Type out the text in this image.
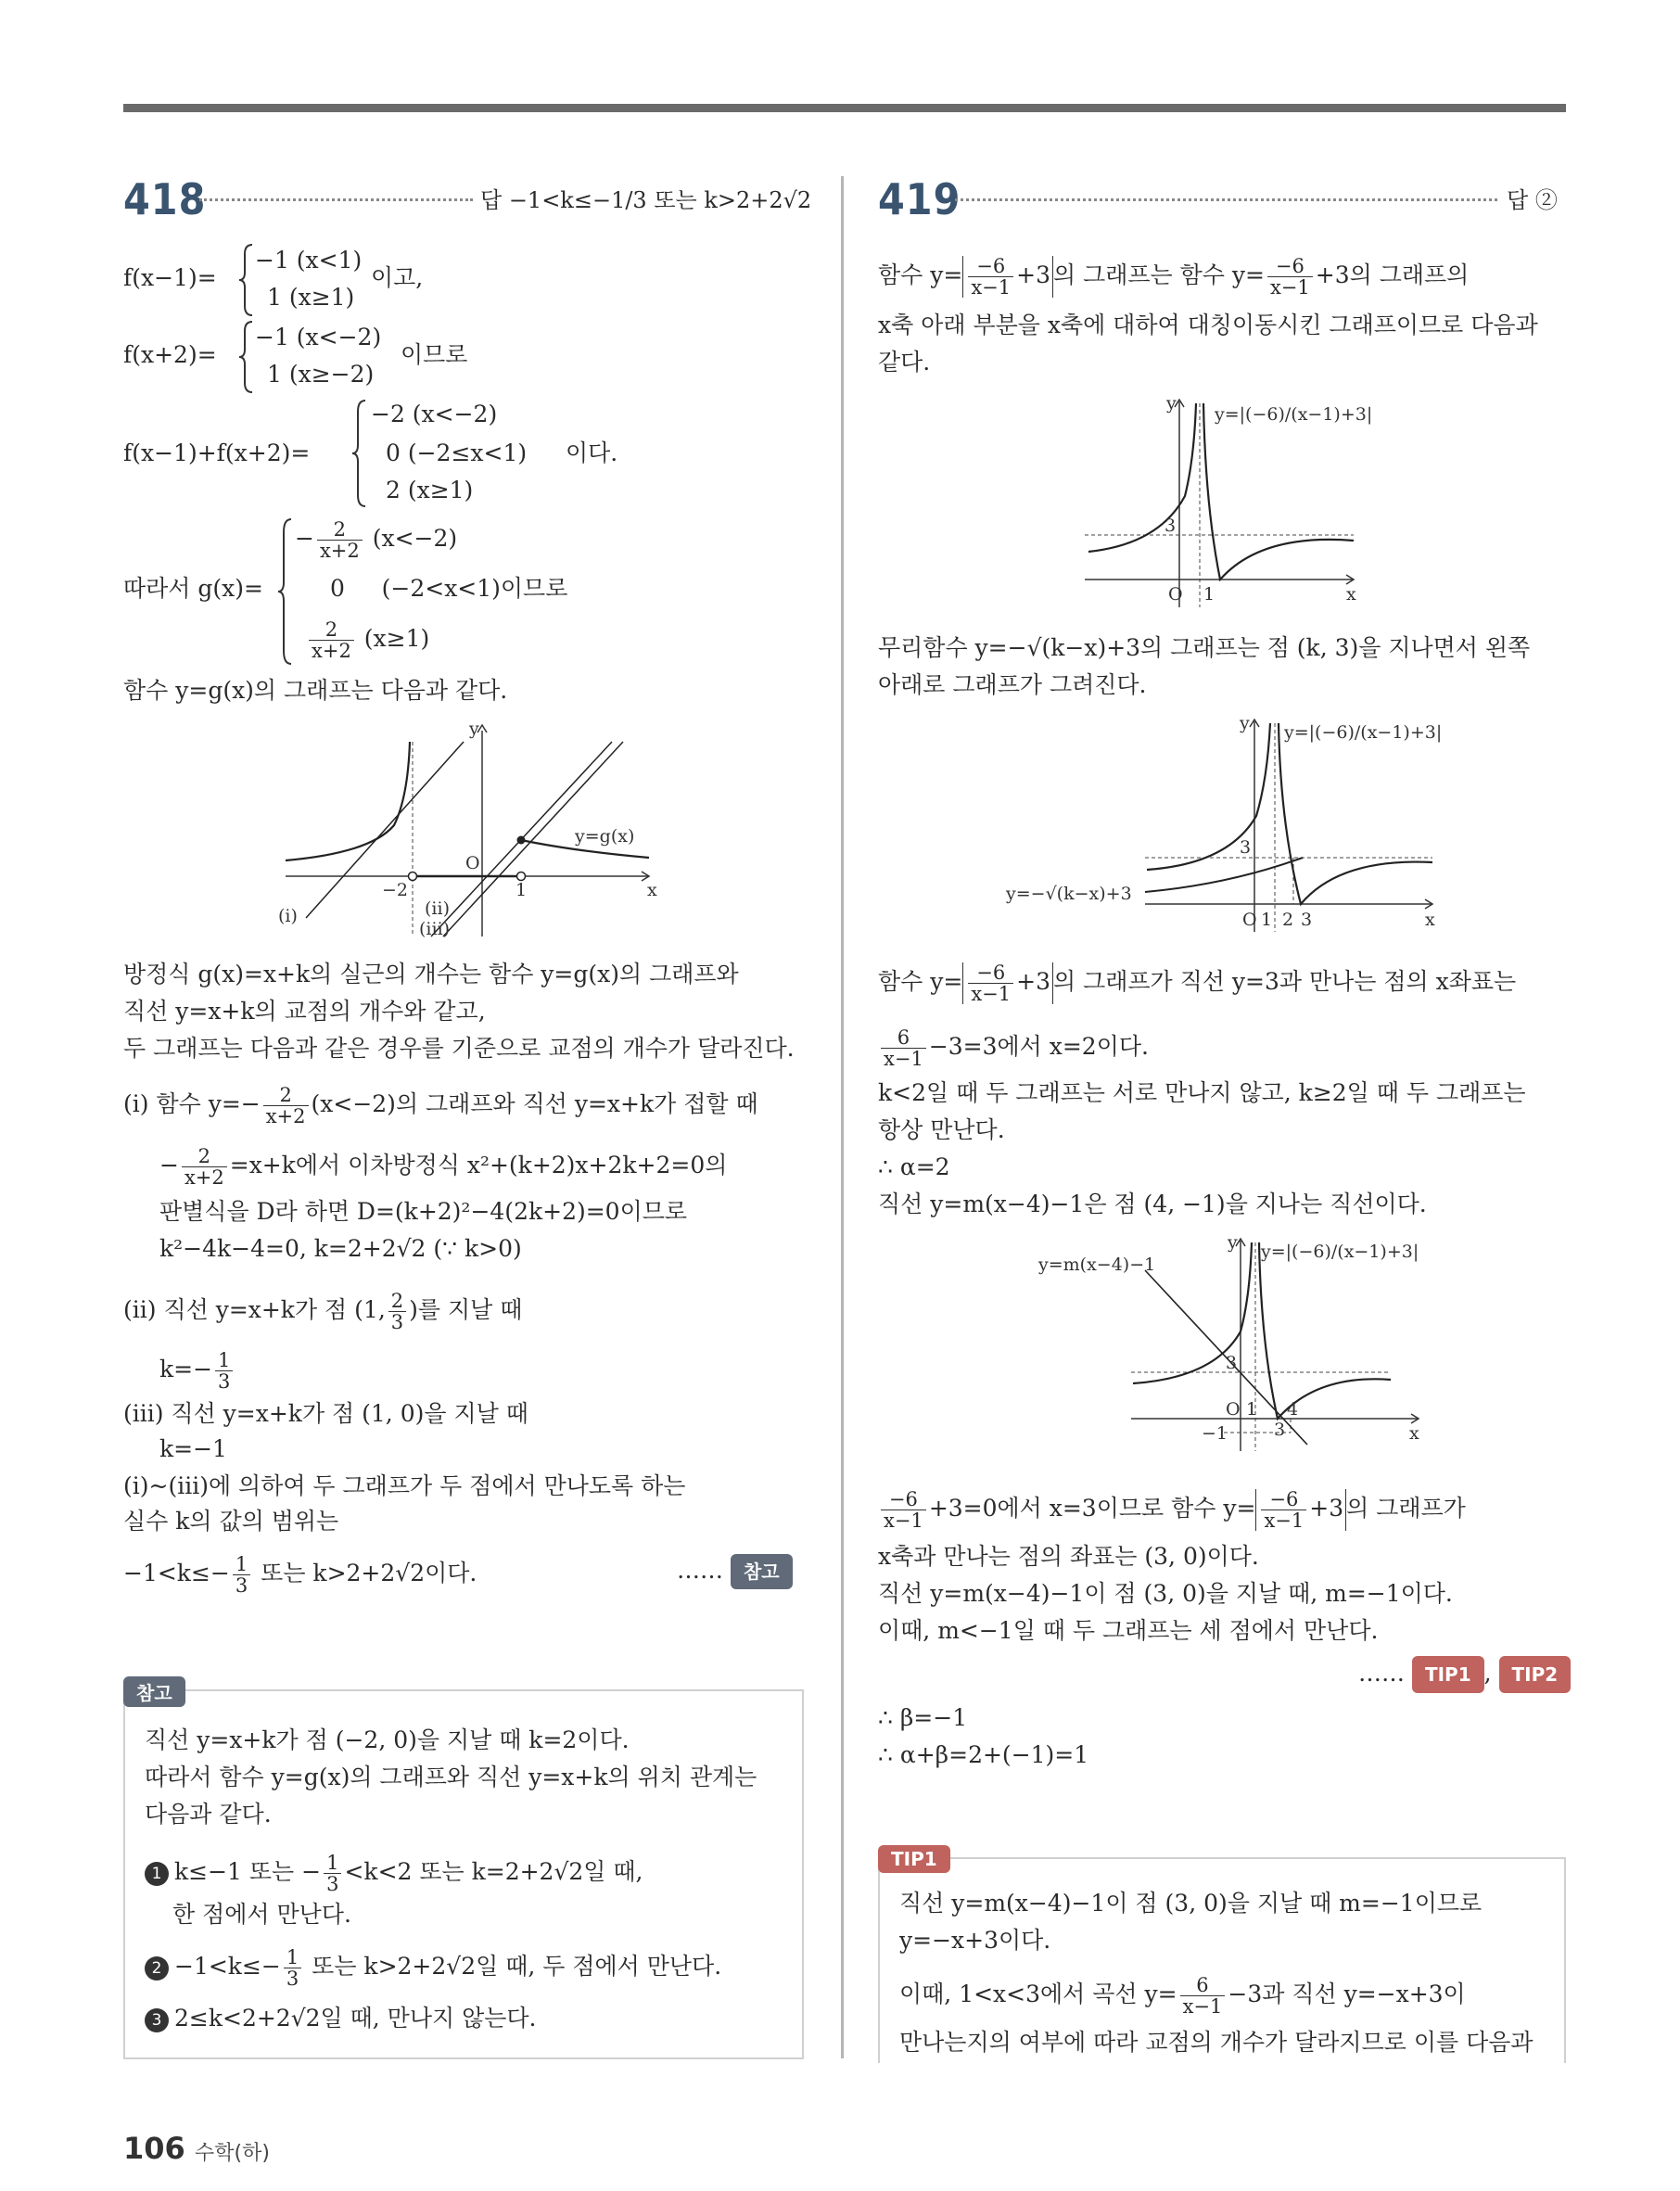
418	답 −1<k≤−1/3 또는 k>2+2√2
f(x−1)=
−1 (x<1)
1 (x≥1)
이고,
f(x+2)=
−1 (x<−2)
1 (x≥−2)
이므로
f(x−1)+f(x+2)=
−2 (x<−2)
0 (−2≤x<1)
2 (x≥1)
이다.
따라서 g(x)=
− $\frac{2}{x+2} (x<-2)$
0 (−2<x<1)이므로
$\frac{2}{x+2} (x\ge 1)$
함수 y=g(x)의 그래프는 다음과 같다.
y
x
O
−2	1
y=g(x)
(i)	(ii)
(iii)
방정식 g(x)=x+k의 실근의 개수는 함수 y=g(x)의 그래프와
직선 y=x+k의 교점의 개수와 같고,
두 그래프는 다음과 같은 경우를 기준으로 교점의 개수가 달라진다.
(i) 함수 $y=- \frac{2}{x+2} (x<-2)$의 그래프와 직선 y=x+k가 접할 때
− $\frac{2}{x+2} =x+k$에서 이차방정식 x²+(k+2)x+2k+2=0의
판별식을 D라 하면 D=(k+2)²−4(2k+2)=0이므로
k²−4k−4=0, k=2+2√2 (∵ k>0)
(ii) 직선 y=x+k가 점 (1, $\frac{2}{3}$ )를 지날 때
$k=- \frac{1}{3}$
(iii) 직선 y=x+k가 점 (1, 0)을 지날 때
k=−1
(i)~(iii)에 의하여 두 그래프가 두 점에서 만나도록 하는
실수 k의 값의 범위는
$-1<k\le- \frac{1}{3}$ 또는 k>2+2√2이다.	…… 참고
참고
직선 y=x+k가 점 (−2, 0)을 지날 때 k=2이다.
따라서 함수 y=g(x)의 그래프와 직선 y=x+k의 위치 관계는
다음과 같다.
1 k≤−1 또는 − $\frac{1}{3} <k<2$ 또는 k=2+2√2일 때,
한 점에서 만난다.
$2 -1<k\le- \frac{1}{3}$ 또는 k>2+2√2일 때, 두 점에서 만난다.
3 2≤k<2+2√2일 때, 만나지 않는다.
419	답 ②
함수 $y= \frac{-6}{x-1} +3$ 의 그래프는 함수 $y= \frac{-6}{x-1} +3$의 그래프의
x축 아래 부분을 x축에 대하여 대칭이동시킨 그래프이므로 다음과
같다.
y
x
O 1
3
y=|(−6)/(x−1)+3|
무리함수 y=−√(k−x)+3의 그래프는 점 (k, 3)을 지나면서 왼쪽
아래로 그래프가 그려진다.
y
x
O 1 2 3
3
y=|(−6)/(x−1)+3|
y=−√(k−x)+3
함수 $y= \frac{-6}{x-1} +3$ 의 그래프가 직선 y=3과 만나는 점의 x좌표는
$\frac{6}{x-1} -3=3$에서 x=2이다.
k<2일 때 두 그래프는 서로 만나지 않고, k≥2일 때 두 그래프는
항상 만난다.
∴ α=2
직선 y=m(x−4)−1은 점 (4, −1)을 지나는 직선이다.
y
x
O 1
3
4
−1
3
y=|(−6)/(x−1)+3|
y=m(x−4)−1
$\frac{-6}{x-1} +3=0$에서 x=3이므로 함수 $y= \frac{-6}{x-1} +3$ 의 그래프가
x축과 만나는 점의 좌표는 (3, 0)이다.
직선 y=m(x−4)−1이 점 (3, 0)을 지날 때, m=−1이다.
이때, m<−1일 때 두 그래프는 세 점에서 만난다.
…… TIP1 , TIP2
∴ β=−1
∴ α+β=2+(−1)=1
TIP1
직선 y=m(x−4)−1이 점 (3, 0)을 지날 때 m=−1이므로
y=−x+3이다.
이때, 1<x<3에서 곡선 $y= \frac{6}{x-1} -3$과 직선 y=−x+3이
만나는지의 여부에 따라 교점의 개수가 달라지므로 이를 다음과
106 수학(하)
